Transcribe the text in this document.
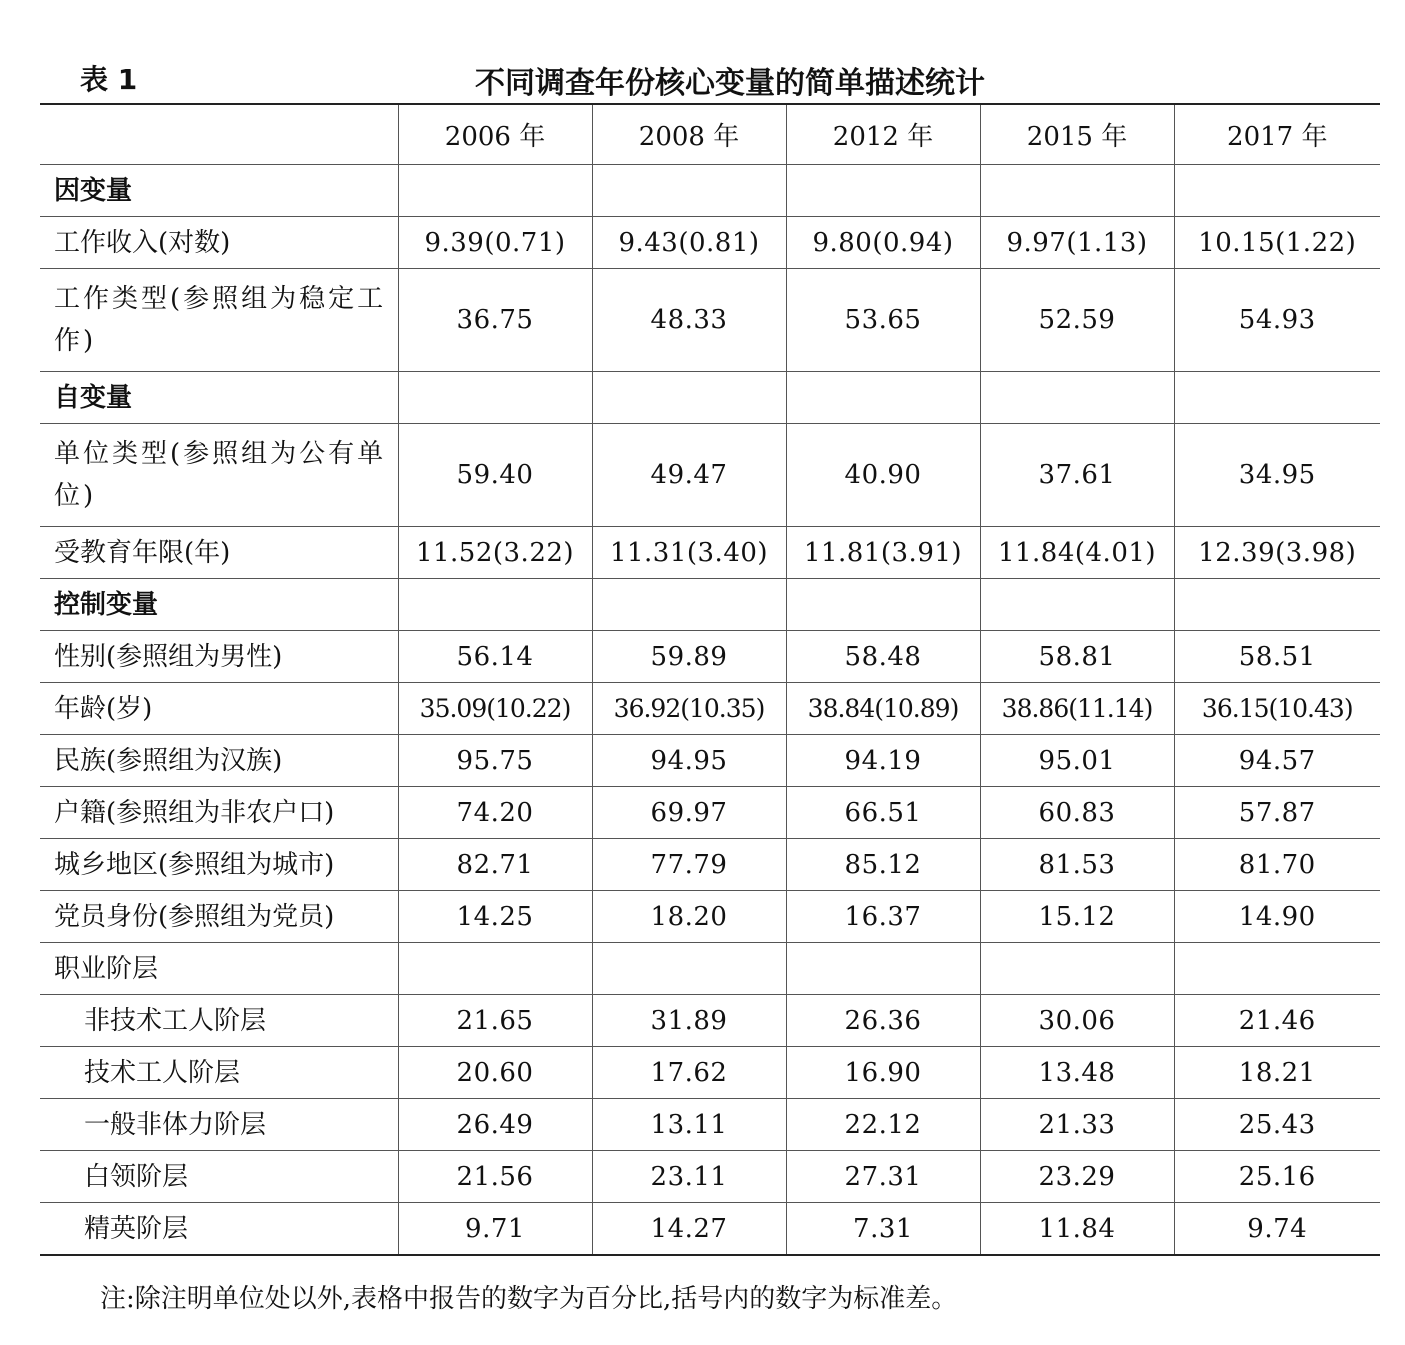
表 1	不同调查年份核心变量的简单描述统计
	2006 年	2008 年	2012 年	2015 年	2017 年
因变量					
工作收入(对数)	9.39(0.71)	9.43(0.81)	9.80(0.94)	9.97(1.13)	10.15(1.22)
工作类型(参照组为稳定工作)	36.75	48.33	53.65	52.59	54.93
自变量					
单位类型(参照组为公有单位)	59.40	49.47	40.90	37.61	34.95
受教育年限(年)	11.52(3.22)	11.31(3.40)	11.81(3.91)	11.84(4.01)	12.39(3.98)
控制变量					
性别(参照组为男性)	56.14	59.89	58.48	58.81	58.51
年龄(岁)	35.09(10.22)	36.92(10.35)	38.84(10.89)	38.86(11.14)	36.15(10.43)
民族(参照组为汉族)	95.75	94.95	94.19	95.01	94.57
户籍(参照组为非农户口)	74.20	69.97	66.51	60.83	57.87
城乡地区(参照组为城市)	82.71	77.79	85.12	81.53	81.70
党员身份(参照组为党员)	14.25	18.20	16.37	15.12	14.90
职业阶层					
非技术工人阶层	21.65	31.89	26.36	30.06	21.46
技术工人阶层	20.60	17.62	16.90	13.48	18.21
一般非体力阶层	26.49	13.11	22.12	21.33	25.43
白领阶层	21.56	23.11	27.31	23.29	25.16
精英阶层	9.71	14.27	7.31	11.84	9.74
注:除注明单位处以外,表格中报告的数字为百分比,括号内的数字为标准差。
